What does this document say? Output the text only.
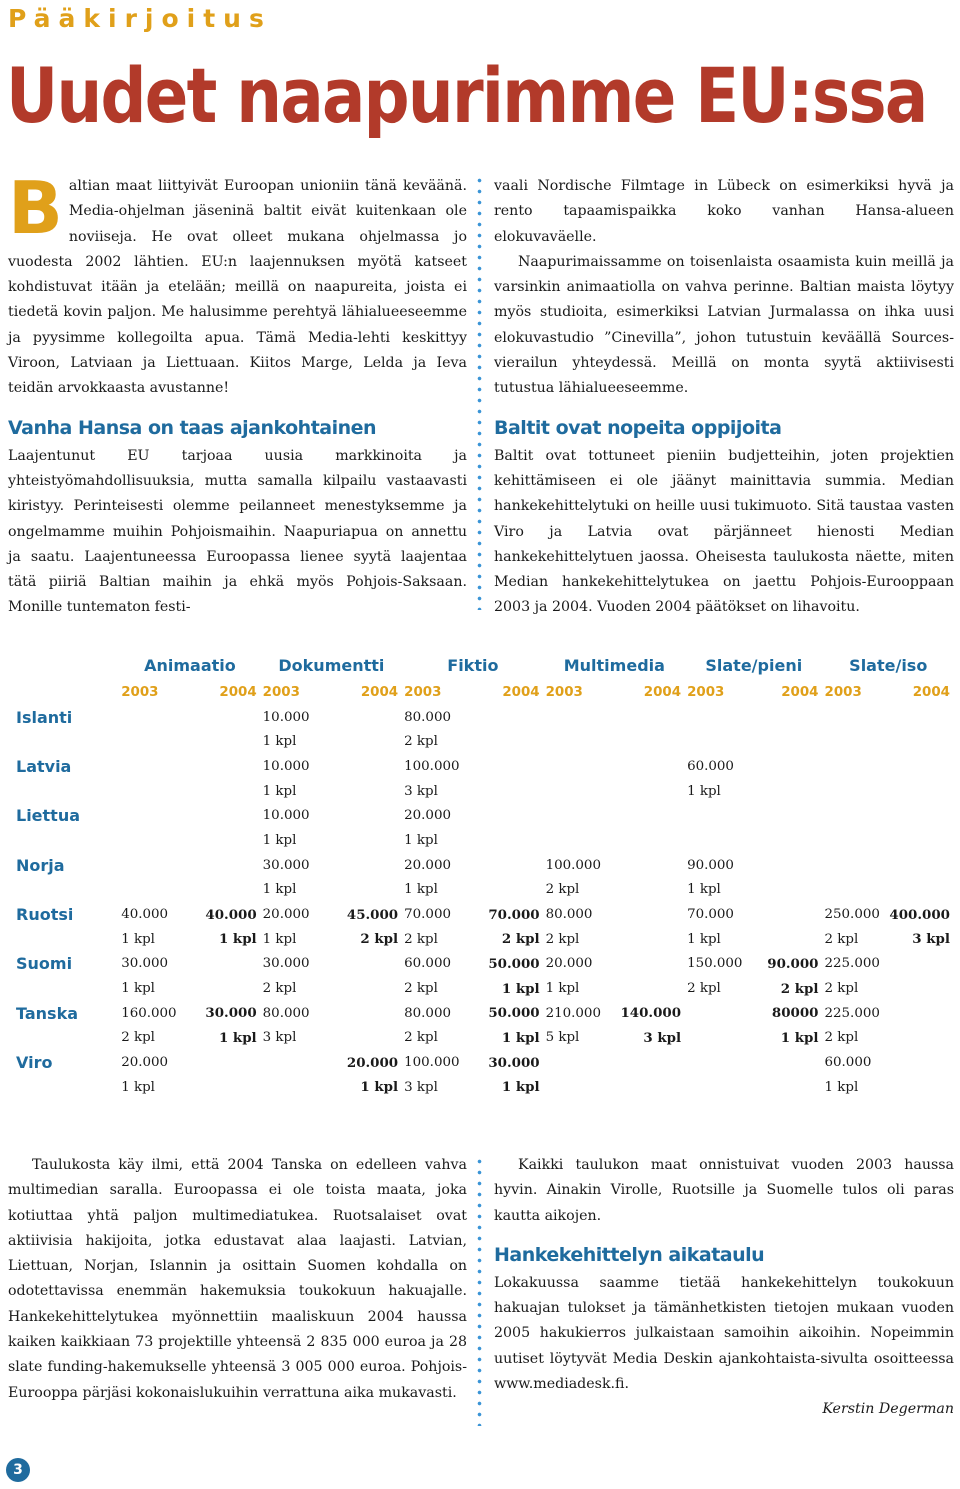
Pääkirjoitus
Uudet naapurimme EU:ssa

Baltian maat liittyivät Euroopan unioniin tänä keväänä. Media-ohjelman jäseninä baltit eivät kuitenkaan ole noviiseja. He ovat olleet mukana ohjelmassa jo vuodesta 2002 lähtien. EU:n laajennuksen myötä katseet kohdistuvat itään ja etelään; meillä on naapureita, joista ei tiedetä kovin paljon. Me halusimme perehtyä lähialueeseemme ja pyysimme kollegoilta apua. Tämä Media-lehti keskittyy Viroon, Latviaan ja Liettuaan. Kiitos Marge, Lelda ja Ieva teidän arvokkaasta avustanne!

Vanha Hansa on taas ajankohtainen

Laajentunut EU tarjoaa uusia markkinoita ja yhteistyömahdollisuuksia, mutta samalla kilpailu vastaavasti kiristyy. Perinteisesti olemme peilanneet menestyksemme ja ongelmamme muihin Pohjoismaihin. Naapuriapua on annettu ja saatu. Laajentuneessa Euroopassa lienee syytä laajentaa tätä piiriä Baltian maihin ja ehkä myös Pohjois-Saksaan. Monille tuntematon festi-

vaali Nordische Filmtage in Lübeck on esimerkiksi hyvä ja rento tapaamispaikka koko vanhan Hansa-alueen elokuvaväelle.

Naapurimaissamme on toisenlaista osaamista kuin meillä ja varsinkin animaatiolla on vahva perinne. Baltian maista löytyy myös studioita, esimerkiksi Latvian Jurmalassa on ihka uusi elokuvastudio ”Cinevilla”, johon tutustuin keväällä Sources-vierailun yhteydessä. Meillä on monta syytä aktiivisesti tutustua lähialueeseemme.

Baltit ovat nopeita oppijoita

Baltit ovat tottuneet pieniin budjetteihin, joten projektien kehittämiseen ei ole jäänyt mainittavia summia. Median hankekehittelytuki on heille uusi tukimuoto. Sitä taustaa vasten Viro ja Latvia ovat pärjänneet hienosti Median hankekehittelytuen jaossa. Oheisesta taulukosta näette, miten Median hankekehittelytukea on jaettu Pohjois-Eurooppaan 2003 ja 2004. Vuoden 2004 päätökset on lihavoitu.

	Animaatio		Dokumentti		Fiktio		Multimedia		Slate/pieni		Slate/iso	
	2003	2004	2003	2004	2003	2004	2003	2004	2003	2004	2003	2004
Islanti			10.000		80.000							
			1 kpl		2 kpl							
Latvia			10.000		100.000				60.000			
			1 kpl		3 kpl				1 kpl			
Liettua			10.000		20.000							
			1 kpl		1 kpl							
Norja			30.000		20.000		100.000		90.000			
			1 kpl		1 kpl		2 kpl		1 kpl			
Ruotsi	40.000	40.000	20.000	45.000	70.000	70.000	80.000		70.000		250.000	400.000
	1 kpl	1 kpl	1 kpl	2 kpl	2 kpl	2 kpl	2 kpl		1 kpl		2 kpl	3 kpl
Suomi	30.000		30.000		60.000	50.000	20.000		150.000	90.000	225.000	
	1 kpl		2 kpl		2 kpl	1 kpl	1 kpl		2 kpl	2 kpl	2 kpl	
Tanska	160.000	30.000	80.000		80.000	50.000	210.000	140.000		80000	225.000	
	2 kpl	1 kpl	3 kpl		2 kpl	1 kpl	5 kpl	3 kpl		1 kpl	2 kpl	
Viro	20.000			20.000	100.000	30.000					60.000	
	1 kpl			1 kpl	3 kpl	1 kpl					1 kpl	

Taulukosta käy ilmi, että 2004 Tanska on edelleen vahva multimedian saralla. Euroopassa ei ole toista maata, joka kotiuttaa yhtä paljon multimediatukea. Ruotsalaiset ovat aktiivisia hakijoita, jotka edustavat alaa laajasti. Latvian, Liettuan, Norjan, Islannin ja osittain Suomen kohdalla on odotettavissa enemmän hakemuksia toukokuun hakuajalle. Hankekehittelytukea myönnettiin maaliskuun 2004 haussa kaiken kaikkiaan 73 projektille yhteensä 2 835 000 euroa ja 28 slate funding-hakemukselle yhteensä 3 005 000 euroa. Pohjois-Eurooppa pärjäsi kokonaislukuihin verrattuna aika mukavasti.

Kaikki taulukon maat onnistuivat vuoden 2003 haussa hyvin. Ainakin Virolle, Ruotsille ja Suomelle tulos oli paras kautta aikojen.

Hankekehittelyn aikataulu

Lokakuussa saamme tietää hankekehittelyn toukokuun hakuajan tulokset ja tämänhetkisten tietojen mukaan vuoden 2005 hakukierros julkaistaan samoihin aikoihin. Nopeimmin uutiset löytyvät Media Deskin ajankohtaista-sivulta osoitteessa www.mediadesk.fi.

Kerstin Degerman

3
